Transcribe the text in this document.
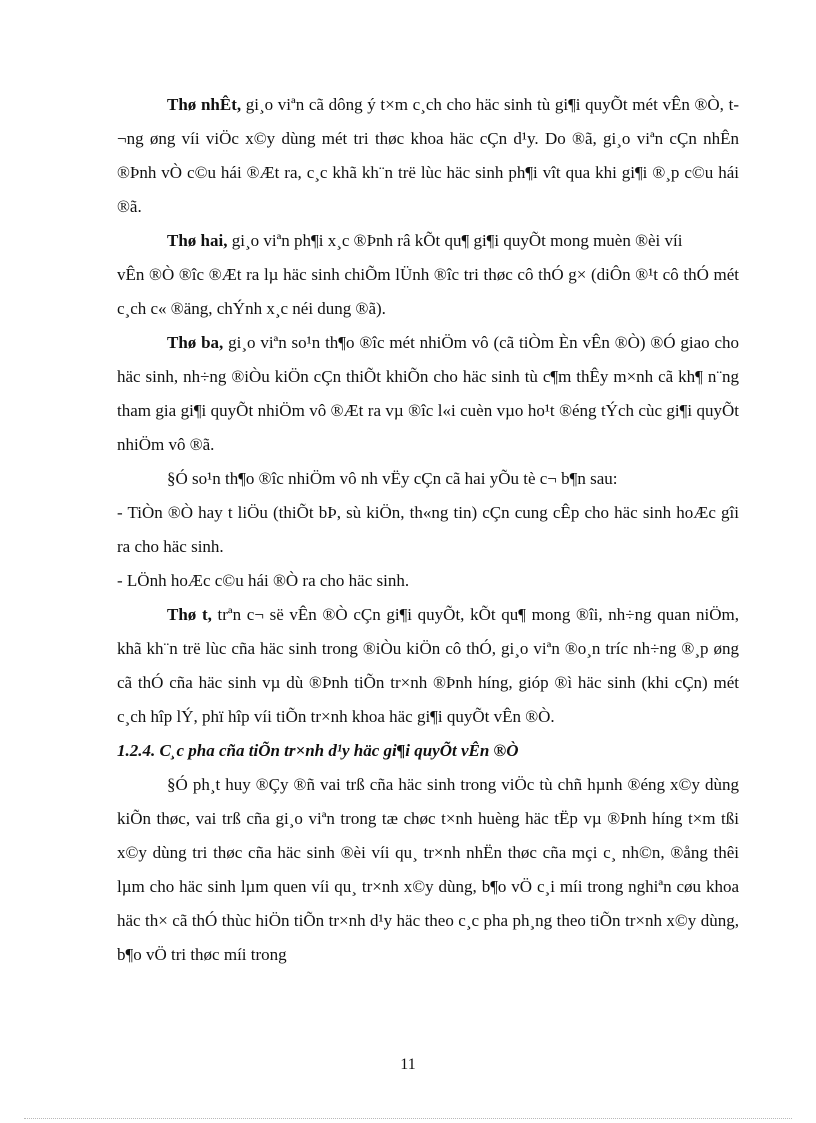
Thø nhÊt, gi¸o viªn cã dông ý t×m c¸ch cho häc sinh tù gi¶i quyÕt mét vÊn ®Ò, t¬ng øng víi viÖc x©y dùng mét tri thøc khoa häc cÇn d¹y. Do ®ã, gi¸o viªn cÇn nhÊn ®Þnh vÒ c©u hái ®Æt ra, c¸c khã kh¨n trë lùc häc sinh ph¶i vît qua khi gi¶i ®¸p c©u hái ®ã.

Thø hai, gi¸o viªn ph¶i x¸c ®Þnh râ kÕt qu¶ gi¶i quyÕt mong muèn ®èi víi

vÊn ®Ò ®îc ®Æt ra lµ häc sinh chiÕm lÜnh ®îc tri thøc cô thÓ g× (diÔn ®¹t cô thÓ mét c¸ch c« ®äng, chÝnh x¸c néi dung ®ã).

Thø ba, gi¸o viªn so¹n th¶o ®îc mét nhiÖm vô (cã tiÒm Èn vÊn ®Ò) ®Ó giao cho häc sinh, nh÷ng ®iÒu kiÖn cÇn thiÕt khiÕn cho häc sinh tù c¶m thÊy m×nh cã kh¶ n¨ng tham gia gi¶i quyÕt nhiÖm vô ®Æt ra vµ ®îc l«i cuèn vµo ho¹t ®éng tÝch cùc gi¶i quyÕt nhiÖm vô ®ã.

§Ó so¹n th¶o ®îc nhiÖm vô nh vËy cÇn cã hai yÕu tè c¬ b¶n sau:

- TiÒn ®Ò hay t liÖu (thiÕt bÞ, sù kiÖn, th«ng tin) cÇn cung cÊp cho häc sinh hoÆc gîi ra cho häc sinh.

- LÖnh hoÆc c©u hái ®Ò ra cho häc sinh.

Thø t, trªn c¬ së vÊn ®Ò cÇn gi¶i quyÕt, kÕt qu¶ mong ®îi, nh÷ng quan niÖm, khã kh¨n trë lùc cña häc sinh trong ®iÒu kiÖn cô thÓ, gi¸o viªn ®o¸n tríc nh÷ng ®¸p øng cã thÓ cña häc sinh vµ dù ®Þnh tiÕn tr×nh ®Þnh híng, gióp ®ì häc sinh (khi cÇn) mét c¸ch hîp lÝ, phï hîp víi tiÕn tr×nh khoa häc gi¶i quyÕt vÊn ®Ò.

1.2.4. C¸c pha cña tiÕn tr×nh d¹y häc gi¶i quyÕt vÊn ®Ò

§Ó ph¸t huy ®Çy ®ñ vai trß cña häc sinh trong viÖc tù chñ hµnh ®éng x©y dùng kiÕn thøc, vai trß cña gi¸o viªn trong tæ chøc t×nh huèng häc tËp vµ ®Þnh híng t×m tßi x©y dùng tri thøc cña häc sinh ®èi víi qu¸ tr×nh nhËn thøc cña mçi c¸ nh©n, ®ång thêi lµm cho häc sinh lµm quen víi qu¸ tr×nh x©y dùng, b¶o vÖ c¸i míi trong nghiªn cøu khoa häc th× cã thÓ thùc hiÖn tiÕn tr×nh d¹y häc theo c¸c pha ph¸ng theo tiÕn tr×nh x©y dùng, b¶o vÖ tri thøc míi trong

11
